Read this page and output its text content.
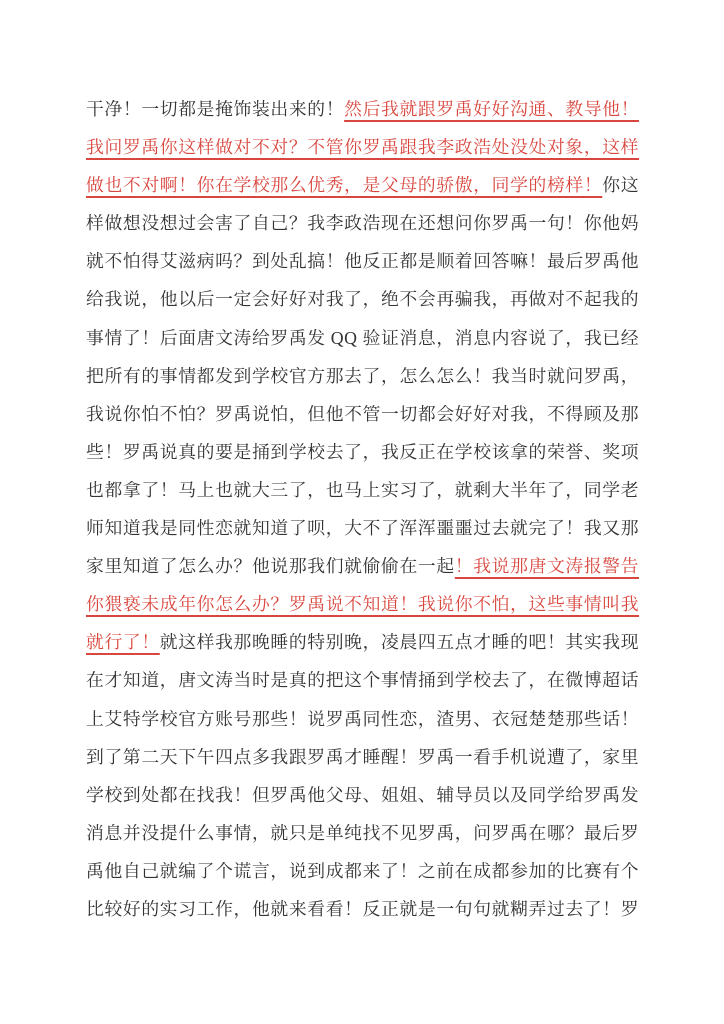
干净！一切都是掩饰装出来的！然后我就跟罗禹好好沟通、教导他！
我问罗禹你这样做对不对？不管你罗禹跟我李政浩处没处对象，这样
做也不对啊！你在学校那么优秀，是父母的骄傲，同学的榜样！你这
样做想没想过会害了自己？我李政浩现在还想问你罗禹一句！你他妈
就不怕得艾滋病吗？到处乱搞！他反正都是顺着回答嘛！最后罗禹他
给我说，他以后一定会好好对我了，绝不会再骗我，再做对不起我的
事情了！后面唐文涛给罗禹发 QQ 验证消息，消息内容说了，我已经
把所有的事情都发到学校官方那去了，怎么怎么！我当时就问罗禹，
我说你怕不怕？罗禹说怕，但他不管一切都会好好对我，不得顾及那
些！罗禹说真的要是捅到学校去了，我反正在学校该拿的荣誉、奖项
也都拿了！马上也就大三了，也马上实习了，就剩大半年了，同学老
师知道我是同性恋就知道了呗，大不了浑浑噩噩过去就完了！我又那
家里知道了怎么办？他说那我们就偷偷在一起！我说那唐文涛报警告
你猥亵未成年你怎么办？罗禹说不知道！我说你不怕，这些事情叫我
就行了！就这样我那晚睡的特别晚，凌晨四五点才睡的吧！其实我现
在才知道，唐文涛当时是真的把这个事情捅到学校去了，在微博超话
上艾特学校官方账号那些！说罗禹同性恋，渣男、衣冠楚楚那些话！
到了第二天下午四点多我跟罗禹才睡醒！罗禹一看手机说遭了，家里
学校到处都在找我！但罗禹他父母、姐姐、辅导员以及同学给罗禹发
消息并没提什么事情，就只是单纯找不见罗禹，问罗禹在哪？最后罗
禹他自己就编了个谎言，说到成都来了！之前在成都参加的比赛有个
比较好的实习工作，他就来看看！反正就是一句句就糊弄过去了！罗
